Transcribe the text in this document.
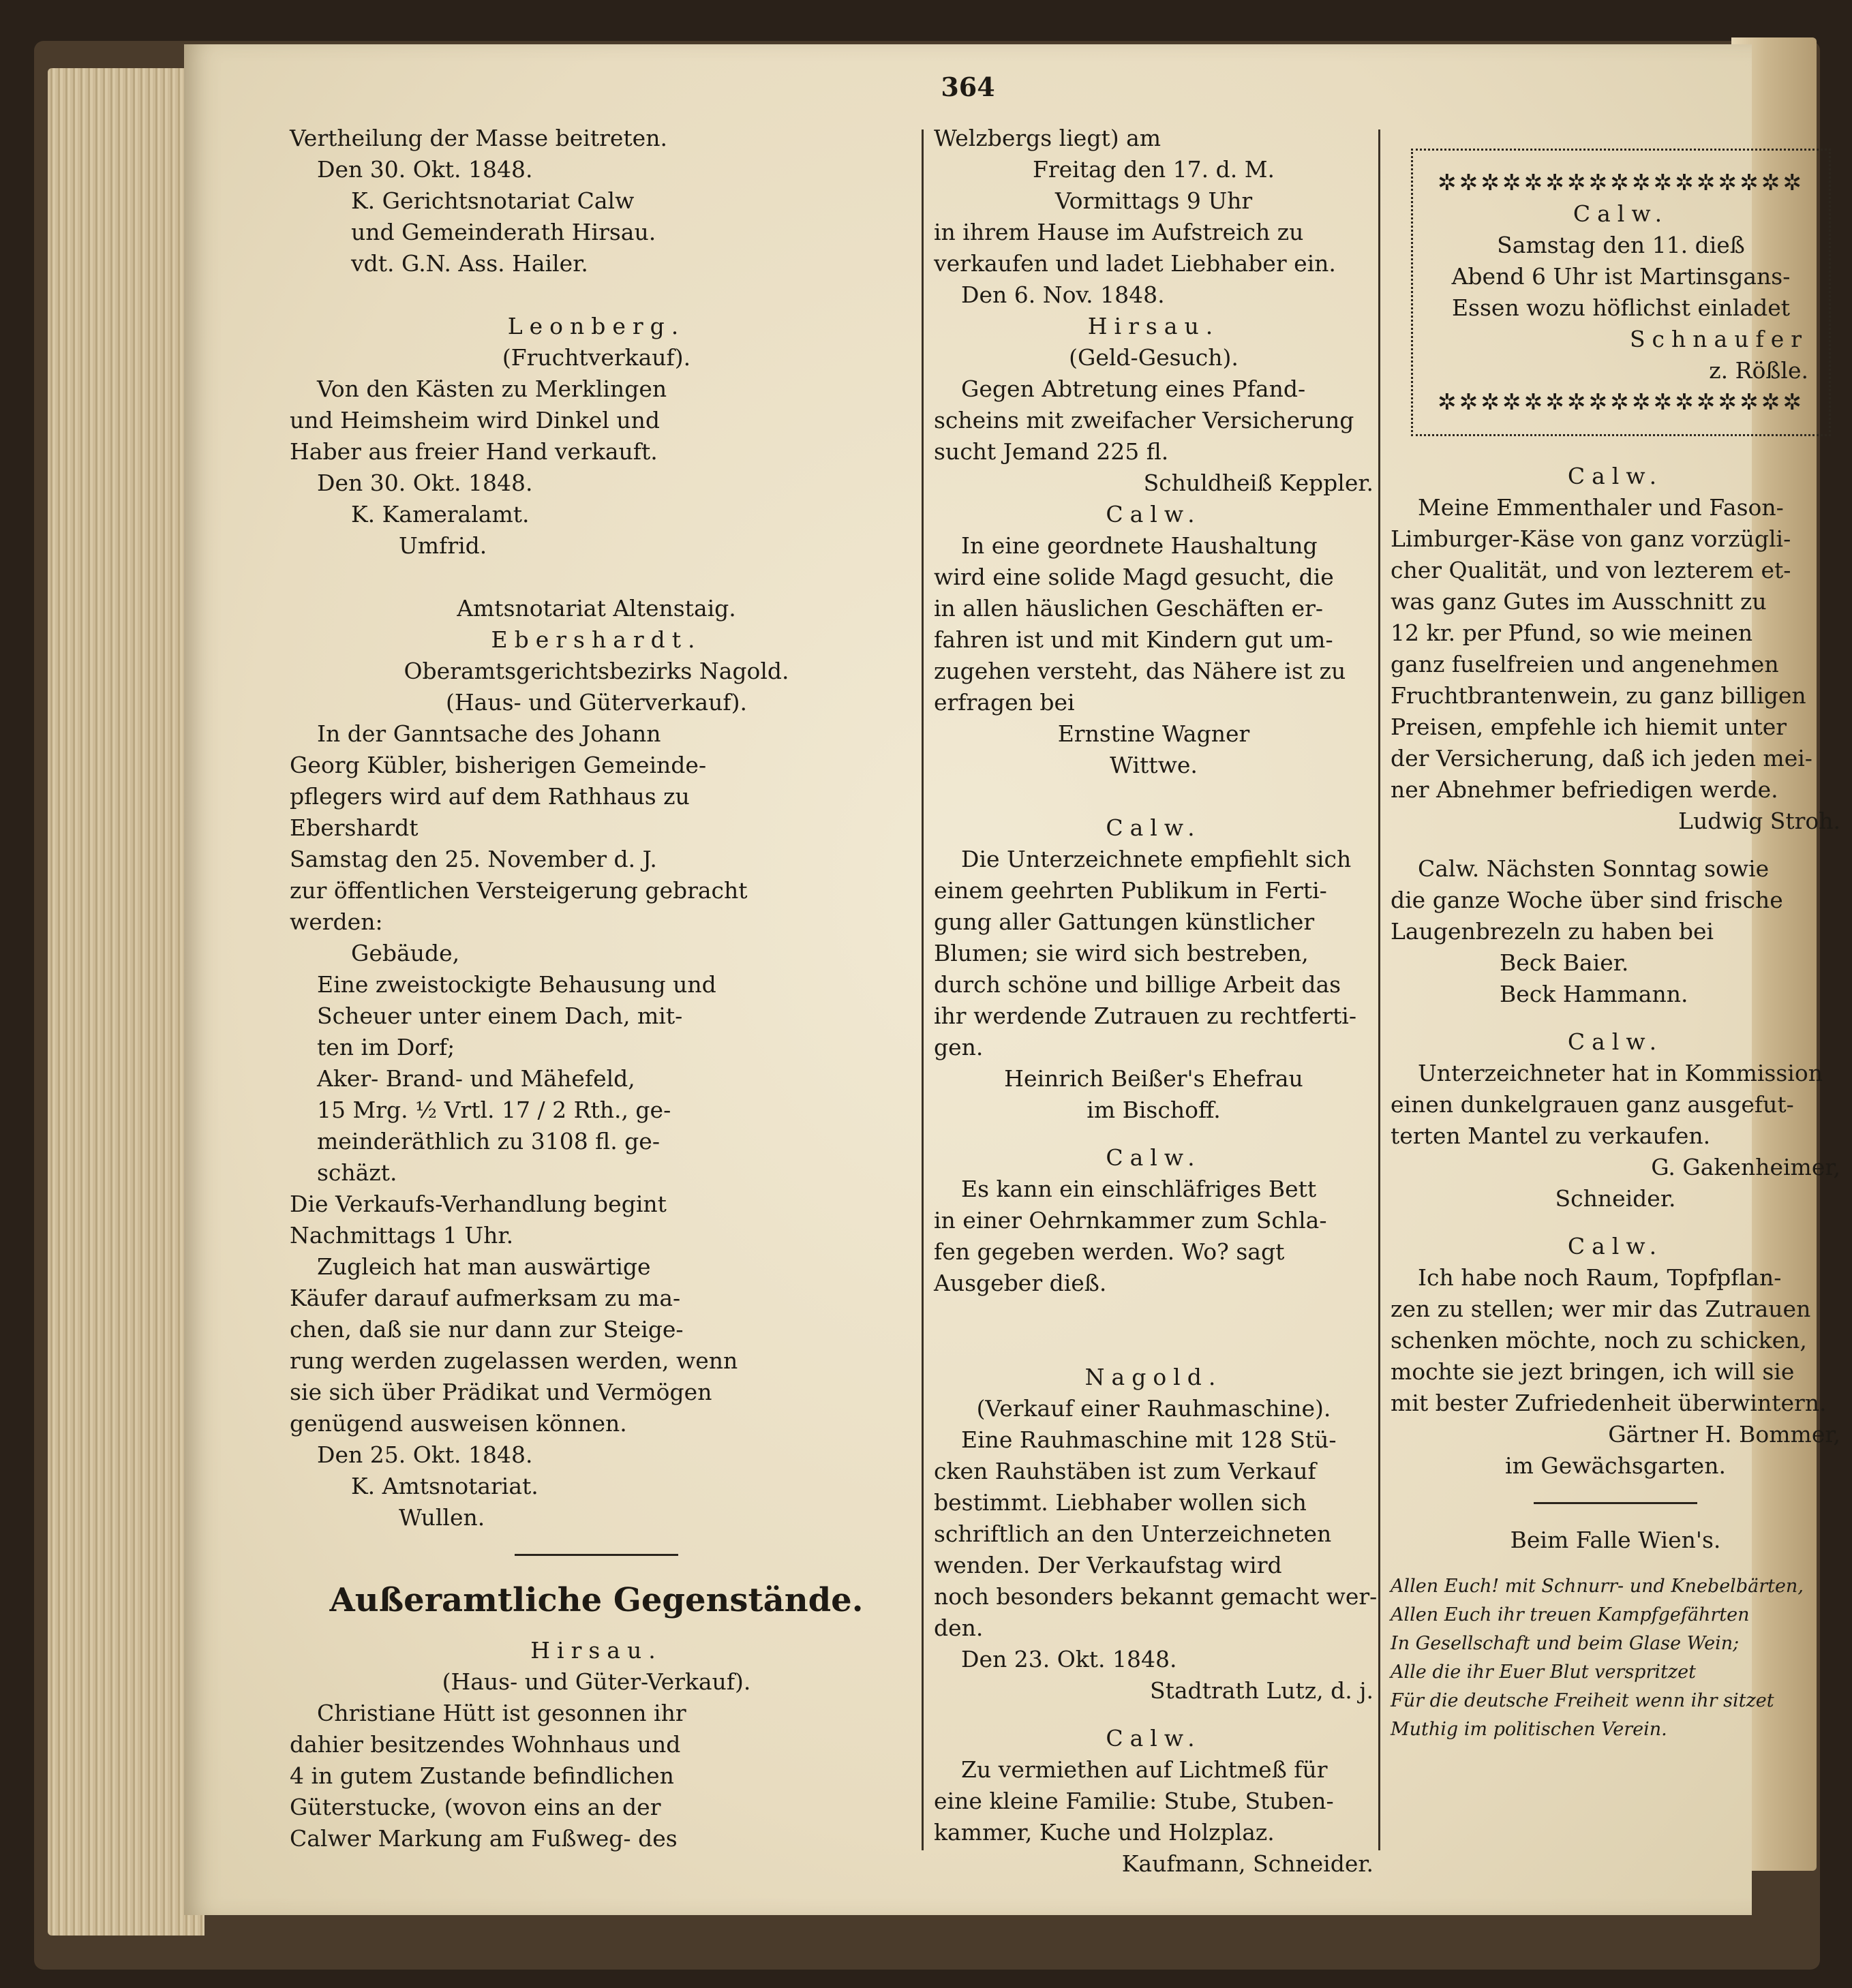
364
Vertheilung der Masse beitreten.
Den 30. Okt. 1848.
K. Gerichtsnotariat Calw
und Gemeinderath Hirsau.
vdt. G.N. Ass. Hailer.
Leonberg.
(Fruchtverkauf).
Von den Kästen zu Merklingen
und Heimsheim wird Dinkel und
Haber aus freier Hand verkauft.
Den 30. Okt. 1848.
K. Kameralamt.
Umfrid.
Amtsnotariat Altenstaig.
Ebershardt.
Oberamtsgerichtsbezirks Nagold.
(Haus- und Güterverkauf).
In der Ganntsache des Johann
Georg Kübler, bisherigen Gemeinde-
pflegers wird auf dem Rathhaus zu
Ebershardt
Samstag den 25. November d. J.
zur öffentlichen Versteigerung gebracht
werden:
Gebäude,
Eine zweistockigte Behausung und
Scheuer unter einem Dach, mit-
ten im Dorf;
Aker- Brand- und Mähefeld,
15 Mrg. ½ Vrtl. 17 / 2 Rth., ge-
meinderäthlich zu 3108 fl. ge-
schäzt.
Die Verkaufs-Verhandlung begint
Nachmittags 1 Uhr.
Zugleich hat man auswärtige
Käufer darauf aufmerksam zu ma-
chen, daß sie nur dann zur Steige-
rung werden zugelassen werden, wenn
sie sich über Prädikat und Vermögen
genügend ausweisen können.
Den 25. Okt. 1848.
K. Amtsnotariat.
Wullen.
Außeramtliche Gegenstände.
Hirsau.
(Haus- und Güter-Verkauf).
Christiane Hütt ist gesonnen ihr
dahier besitzendes Wohnhaus und
4 in gutem Zustande befindlichen
Güterstucke, (wovon eins an der
Calwer Markung am Fußweg- des
Welzbergs liegt) am
Freitag den 17. d. M.
Vormittags 9 Uhr
in ihrem Hause im Aufstreich zu
verkaufen und ladet Liebhaber ein.
Den 6. Nov. 1848.
Hirsau.
(Geld-Gesuch).
Gegen Abtretung eines Pfand-
scheins mit zweifacher Versicherung
sucht Jemand 225 fl.
Schuldheiß Keppler.
Calw.
In eine geordnete Haushaltung
wird eine solide Magd gesucht, die
in allen häuslichen Geschäften er-
fahren ist und mit Kindern gut um-
zugehen versteht, das Nähere ist zu
erfragen bei
Ernstine Wagner
Wittwe.
Calw.
Die Unterzeichnete empfiehlt sich
einem geehrten Publikum in Ferti-
gung aller Gattungen künstlicher
Blumen; sie wird sich bestreben,
durch schöne und billige Arbeit das
ihr werdende Zutrauen zu rechtferti-
gen.
Heinrich Beißer's Ehefrau
im Bischoff.
Calw.
Es kann ein einschläfriges Bett
in einer Oehrnkammer zum Schla-
fen gegeben werden. Wo? sagt
Ausgeber dieß.
Nagold.
(Verkauf einer Rauhmaschine).
Eine Rauhmaschine mit 128 Stü-
cken Rauhstäben ist zum Verkauf
bestimmt. Liebhaber wollen sich
schriftlich an den Unterzeichneten
wenden. Der Verkaufstag wird
noch besonders bekannt gemacht wer-
den.
Den 23. Okt. 1848.
Stadtrath Lutz, d. j.
Calw.
Zu vermiethen auf Lichtmeß für
eine kleine Familie: Stube, Stuben-
kammer, Kuche und Holzplaz.
Kaufmann, Schneider.
✲✲✲✲✲✲✲✲✲✲✲✲✲✲✲✲✲
Calw.
Samstag den 11. dieß
Abend 6 Uhr ist Martinsgans-
Essen wozu höflichst einladet
Schnaufer
z. Rößle.
✲✲✲✲✲✲✲✲✲✲✲✲✲✲✲✲✲
Calw.
Meine Emmenthaler und Fason-
Limburger-Käse von ganz vorzügli-
cher Qualität, und von lezterem et-
was ganz Gutes im Ausschnitt zu
12 kr. per Pfund, so wie meinen
ganz fuselfreien und angenehmen
Fruchtbrantenwein, zu ganz billigen
Preisen, empfehle ich hiemit unter
der Versicherung, daß ich jeden mei-
ner Abnehmer befriedigen werde.
Ludwig Stroh.
Calw. Nächsten Sonntag sowie
die ganze Woche über sind frische
Laugenbrezeln zu haben bei
Beck Baier.
Beck Hammann.
Calw.
Unterzeichneter hat in Kommission
einen dunkelgrauen ganz ausgefut-
terten Mantel zu verkaufen.
G. Gakenheimer,
Schneider.
Calw.
Ich habe noch Raum, Topfpflan-
zen zu stellen; wer mir das Zutrauen
schenken möchte, noch zu schicken,
mochte sie jezt bringen, ich will sie
mit bester Zufriedenheit überwintern.
Gärtner H. Bommer,
im Gewächsgarten.
Beim Falle Wien's.
Allen Euch! mit Schnurr- und Knebelbärten,
Allen Euch ihr treuen Kampfgefährten
In Gesellschaft und beim Glase Wein;
Alle die ihr Euer Blut verspritzet
Für die deutsche Freiheit wenn ihr sitzet
Muthig im politischen Verein.
